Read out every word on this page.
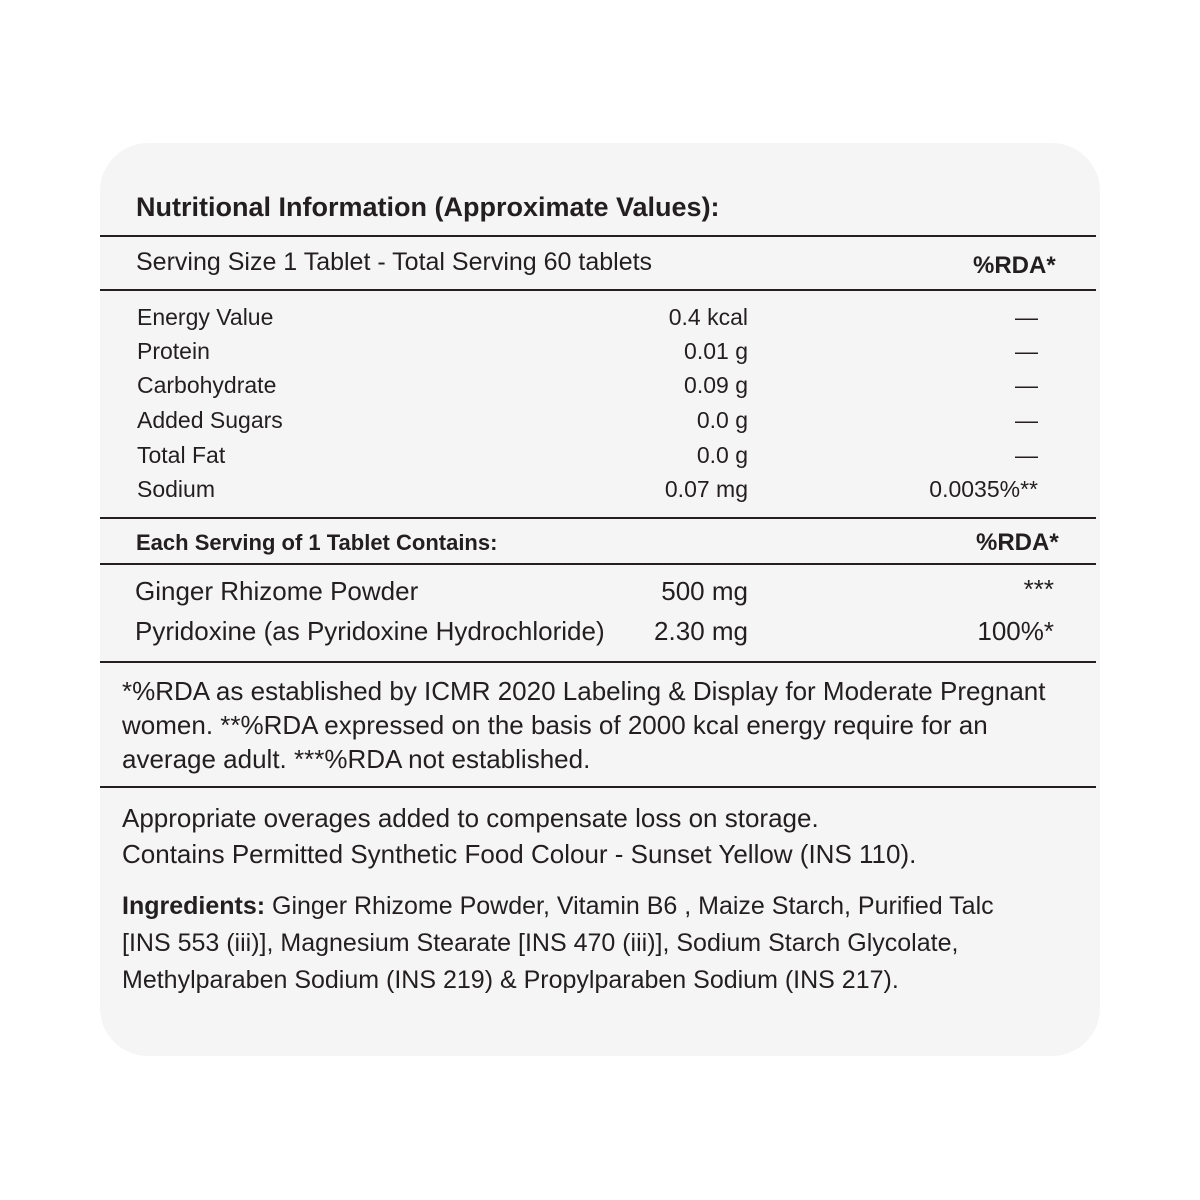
Nutritional Information (Approximate Values):
Serving Size 1 Tablet - Total Serving 60 tablets	%RDA*
Energy Value	0.4 kcal	—
Protein	0.01 g	—
Carbohydrate	0.09 g	—
Added Sugars	0.0 g	—
Total Fat	0.0 g	—
Sodium	0.07 mg	0.0035%**
Each Serving of 1 Tablet Contains:	%RDA*
Ginger Rhizome Powder	500 mg	***
Pyridoxine (as Pyridoxine Hydrochloride) 2.30 mg	100%*
*%RDA as established by ICMR 2020 Labeling & Display for Moderate Pregnant women. **%RDA expressed on the basis of 2000 kcal energy require for an average adult. ***%RDA not established.
Appropriate overages added to compensate loss on storage.
Contains Permitted Synthetic Food Colour - Sunset Yellow (INS 110).
Ingredients: Ginger Rhizome Powder, Vitamin B6 , Maize Starch, Purified Talc [INS 553 (iii)], Magnesium Stearate [INS 470 (iii)], Sodium Starch Glycolate, Methylparaben Sodium (INS 219) & Propylparaben Sodium (INS 217).
